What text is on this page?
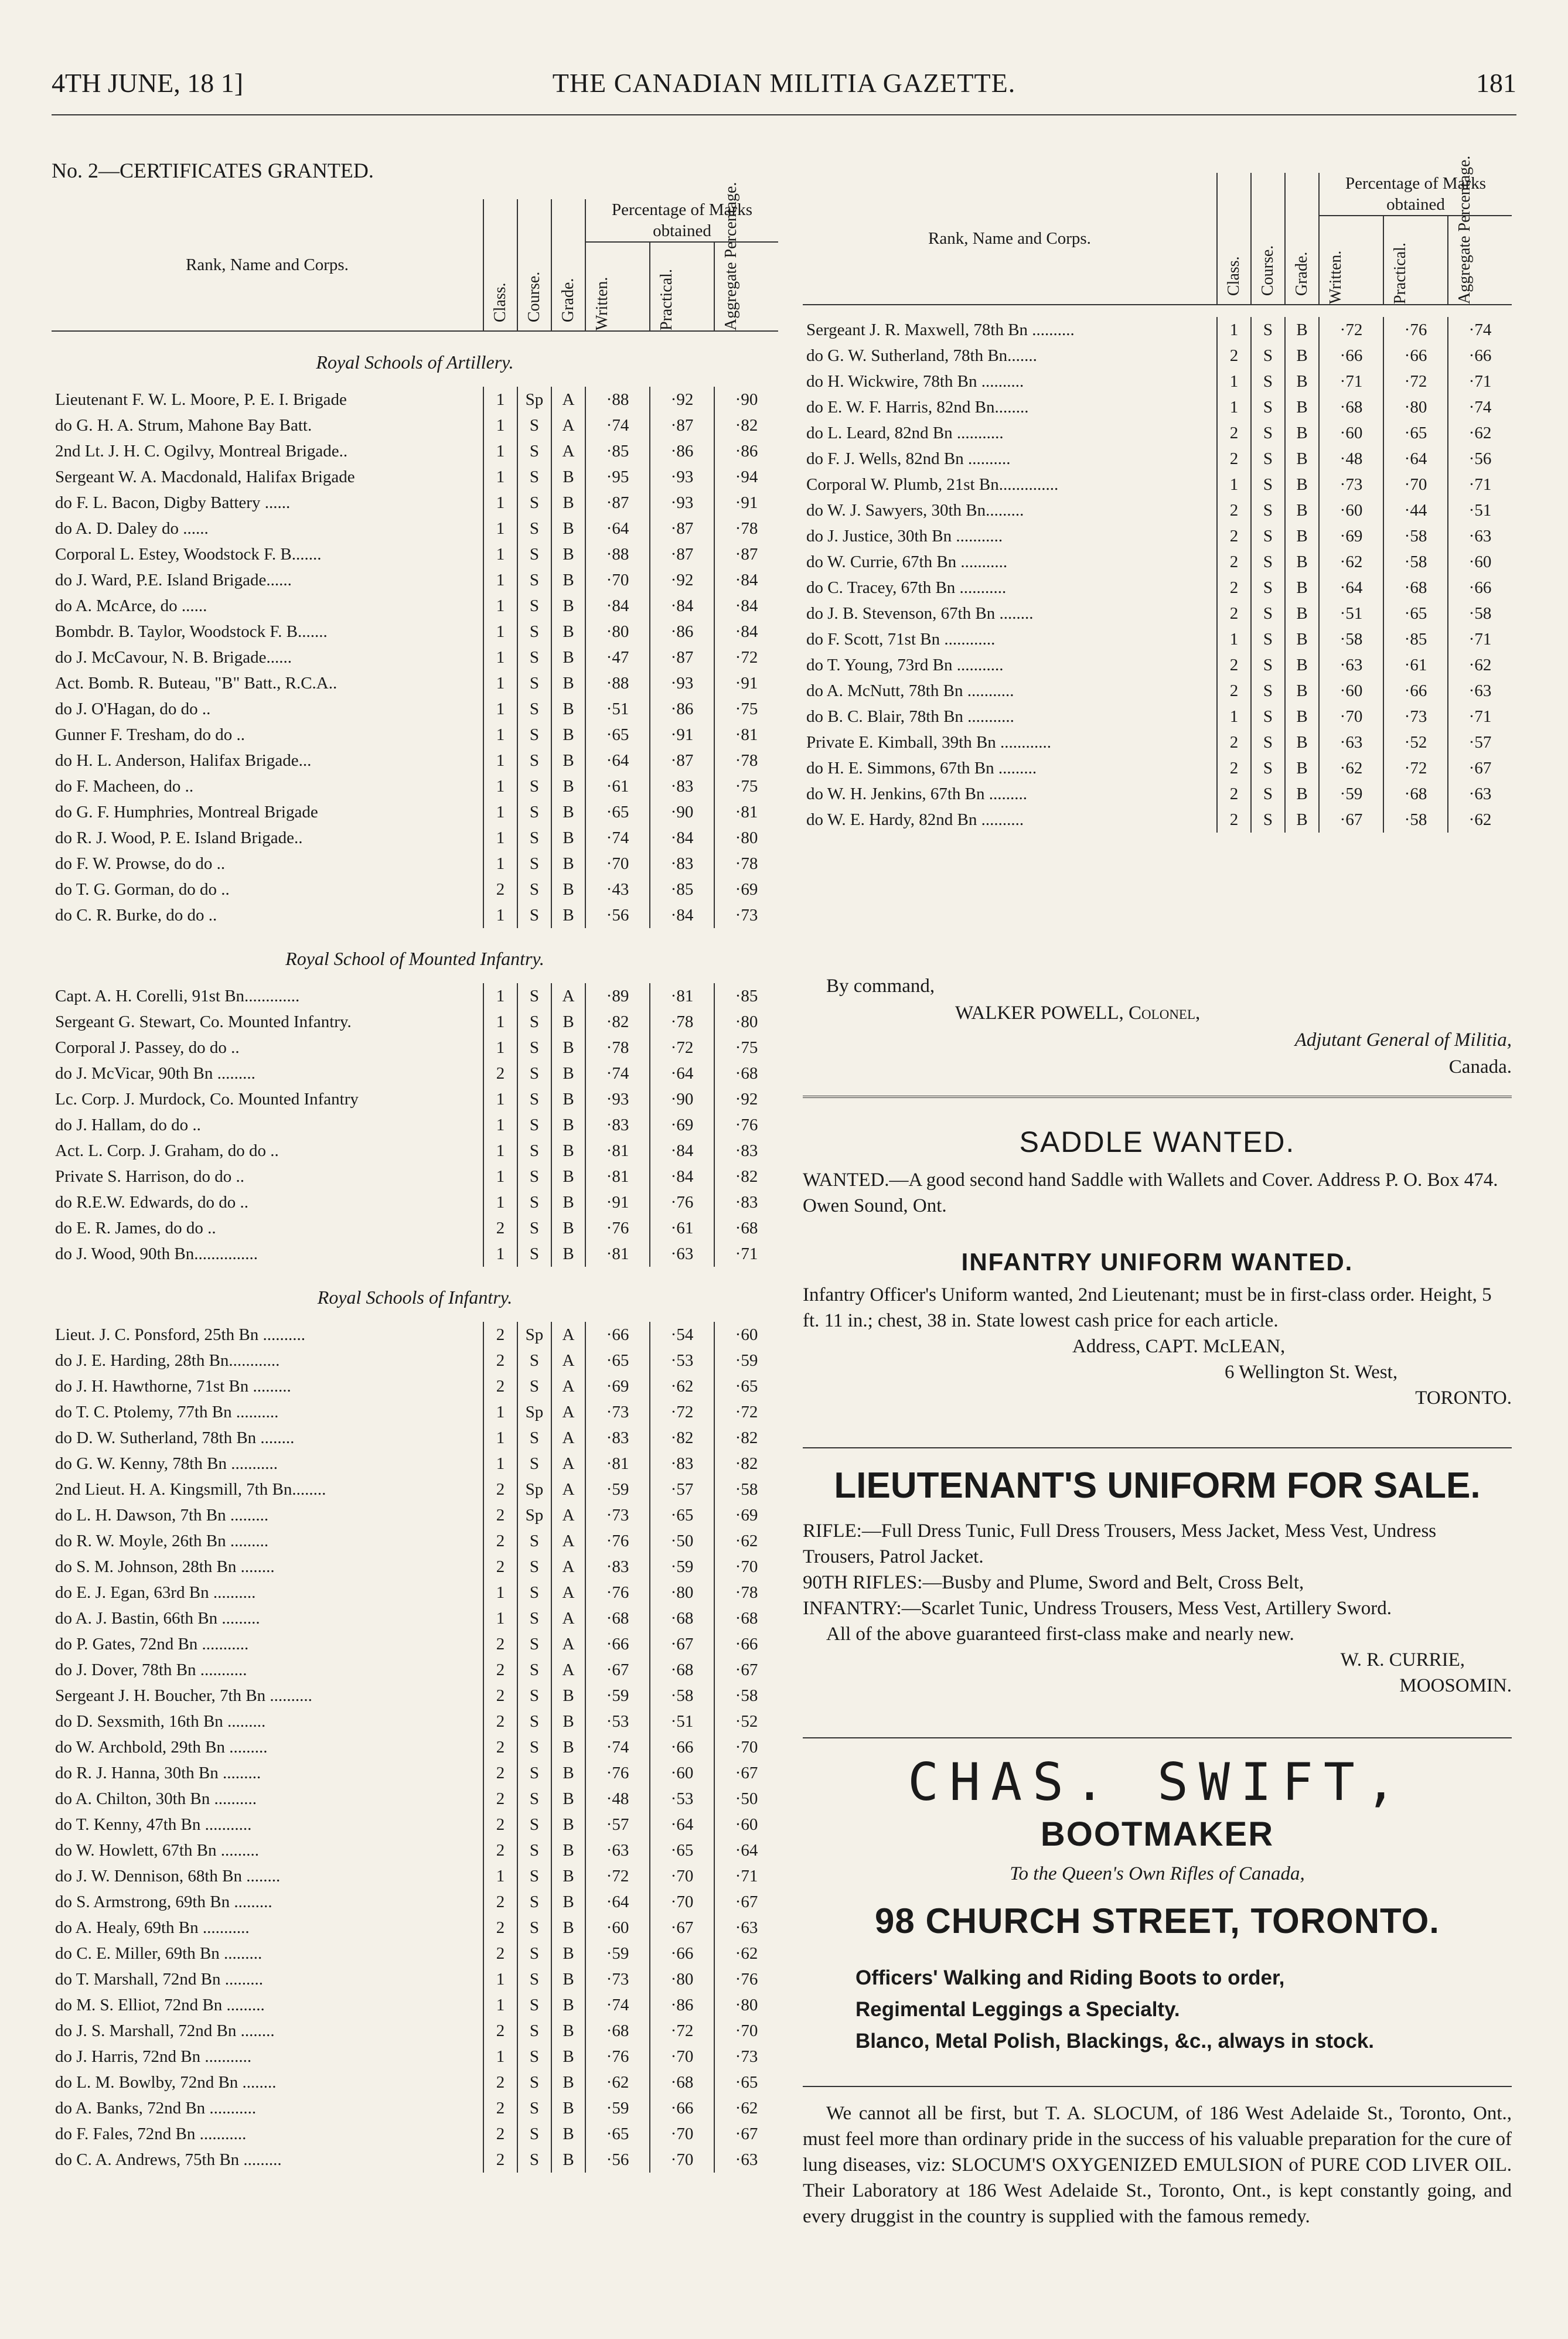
4TH JUNE, 18 1]	THE CANADIAN MILITIA GAZETTE.	181
No. 2—CERTIFICATES GRANTED.
Rank, Name and Corps.	Class.	Course.	Grade.	Percentage of Marks obtained		

				Written.	Practical.	Aggregate Percentage.

Royal Schools of Artillery.						
Lieutenant F. W. L. Moore, P. E. I. Brigade	1	Sp	A	·88	·92	·90
do G. H. A. Strum, Mahone Bay Batt.	1	S	A	·74	·87	·82
2nd Lt. J. H. C. Ogilvy, Montreal Brigade..	1	S	A	·85	·86	·86
Sergeant W. A. Macdonald, Halifax Brigade	1	S	B	·95	·93	·94
do F. L. Bacon, Digby Battery ......	1	S	B	·87	·93	·91
do A. D. Daley do ......	1	S	B	·64	·87	·78
Corporal L. Estey, Woodstock F. B.......	1	S	B	·88	·87	·87
do J. Ward, P.E. Island Brigade......	1	S	B	·70	·92	·84
do A. McArce, do ......	1	S	B	·84	·84	·84
Bombdr. B. Taylor, Woodstock F. B.......	1	S	B	·80	·86	·84
do J. McCavour, N. B. Brigade......	1	S	B	·47	·87	·72
Act. Bomb. R. Buteau, "B" Batt., R.C.A..	1	S	B	·88	·93	·91
do J. O'Hagan, do do ..	1	S	B	·51	·86	·75
Gunner F. Tresham, do do ..	1	S	B	·65	·91	·81
do H. L. Anderson, Halifax Brigade...	1	S	B	·64	·87	·78
do F. Macheen, do ..	1	S	B	·61	·83	·75
do G. F. Humphries, Montreal Brigade	1	S	B	·65	·90	·81
do R. J. Wood, P. E. Island Brigade..	1	S	B	·74	·84	·80
do F. W. Prowse, do do ..	1	S	B	·70	·83	·78
do T. G. Gorman, do do ..	2	S	B	·43	·85	·69
do C. R. Burke, do do ..	1	S	B	·56	·84	·73
Royal School of Mounted Infantry.						
Capt. A. H. Corelli, 91st Bn.............	1	S	A	·89	·81	·85
Sergeant G. Stewart, Co. Mounted Infantry.	1	S	B	·82	·78	·80
Corporal J. Passey, do do ..	1	S	B	·78	·72	·75
do J. McVicar, 90th Bn .........	2	S	B	·74	·64	·68
Lc. Corp. J. Murdock, Co. Mounted Infantry	1	S	B	·93	·90	·92
do J. Hallam, do do ..	1	S	B	·83	·69	·76
Act. L. Corp. J. Graham, do do ..	1	S	B	·81	·84	·83
Private S. Harrison, do do ..	1	S	B	·81	·84	·82
do R.E.W. Edwards, do do ..	1	S	B	·91	·76	·83
do E. R. James, do do ..	2	S	B	·76	·61	·68
do J. Wood, 90th Bn...............	1	S	B	·81	·63	·71
Royal Schools of Infantry.						
Lieut. J. C. Ponsford, 25th Bn ..........	2	Sp	A	·66	·54	·60
do J. E. Harding, 28th Bn............	2	S	A	·65	·53	·59
do J. H. Hawthorne, 71st Bn .........	2	S	A	·69	·62	·65
do T. C. Ptolemy, 77th Bn ..........	1	Sp	A	·73	·72	·72
do D. W. Sutherland, 78th Bn ........	1	S	A	·83	·82	·82
do G. W. Kenny, 78th Bn ...........	1	S	A	·81	·83	·82
2nd Lieut. H. A. Kingsmill, 7th Bn........	2	Sp	A	·59	·57	·58
do L. H. Dawson, 7th Bn .........	2	Sp	A	·73	·65	·69
do R. W. Moyle, 26th Bn .........	2	S	A	·76	·50	·62
do S. M. Johnson, 28th Bn ........	2	S	A	·83	·59	·70
do E. J. Egan, 63rd Bn ..........	1	S	A	·76	·80	·78
do A. J. Bastin, 66th Bn .........	1	S	A	·68	·68	·68
do P. Gates, 72nd Bn ...........	2	S	A	·66	·67	·66
do J. Dover, 78th Bn ...........	2	S	A	·67	·68	·67
Sergeant J. H. Boucher, 7th Bn ..........	2	S	B	·59	·58	·58
do D. Sexsmith, 16th Bn .........	2	S	B	·53	·51	·52
do W. Archbold, 29th Bn .........	2	S	B	·74	·66	·70
do R. J. Hanna, 30th Bn .........	2	S	B	·76	·60	·67
do A. Chilton, 30th Bn ..........	2	S	B	·48	·53	·50
do T. Kenny, 47th Bn ...........	2	S	B	·57	·64	·60
do W. Howlett, 67th Bn .........	2	S	B	·63	·65	·64
do J. W. Dennison, 68th Bn ........	1	S	B	·72	·70	·71
do S. Armstrong, 69th Bn .........	2	S	B	·64	·70	·67
do A. Healy, 69th Bn ...........	2	S	B	·60	·67	·63
do C. E. Miller, 69th Bn .........	2	S	B	·59	·66	·62
do T. Marshall, 72nd Bn .........	1	S	B	·73	·80	·76
do M. S. Elliot, 72nd Bn .........	1	S	B	·74	·86	·80
do J. S. Marshall, 72nd Bn ........	2	S	B	·68	·72	·70
do J. Harris, 72nd Bn ...........	1	S	B	·76	·70	·73
do L. M. Bowlby, 72nd Bn ........	2	S	B	·62	·68	·65
do A. Banks, 72nd Bn ...........	2	S	B	·59	·66	·62
do F. Fales, 72nd Bn ...........	2	S	B	·65	·70	·67
do C. A. Andrews, 75th Bn .........	2	S	B	·56	·70	·63
Rank, Name and Corps.	Class.	Course.	Grade.	Percentage of Marks obtained		

				Written.	Practical.	Aggregate Percentage.

Sergeant J. R. Maxwell, 78th Bn ..........	1	S	B	·72	·76	·74
do G. W. Sutherland, 78th Bn.......	2	S	B	·66	·66	·66
do H. Wickwire, 78th Bn ..........	1	S	B	·71	·72	·71
do E. W. F. Harris, 82nd Bn........	1	S	B	·68	·80	·74
do L. Leard, 82nd Bn ...........	2	S	B	·60	·65	·62
do F. J. Wells, 82nd Bn ..........	2	S	B	·48	·64	·56
Corporal W. Plumb, 21st Bn..............	1	S	B	·73	·70	·71
do W. J. Sawyers, 30th Bn.........	2	S	B	·60	·44	·51
do J. Justice, 30th Bn ...........	2	S	B	·69	·58	·63
do W. Currie, 67th Bn ...........	2	S	B	·62	·58	·60
do C. Tracey, 67th Bn ...........	2	S	B	·64	·68	·66
do J. B. Stevenson, 67th Bn ........	2	S	B	·51	·65	·58
do F. Scott, 71st Bn ............	1	S	B	·58	·85	·71
do T. Young, 73rd Bn ...........	2	S	B	·63	·61	·62
do A. McNutt, 78th Bn ...........	2	S	B	·60	·66	·63
do B. C. Blair, 78th Bn ...........	1	S	B	·70	·73	·71
Private E. Kimball, 39th Bn ............	2	S	B	·63	·52	·57
do H. E. Simmons, 67th Bn .........	2	S	B	·62	·72	·67
do W. H. Jenkins, 67th Bn .........	2	S	B	·59	·68	·63
do W. E. Hardy, 82nd Bn ..........	2	S	B	·67	·58	·62
By command,
WALKER POWELL, Colonel,
Adjutant General of Militia,
Canada.
SADDLE WANTED.

WANTED.—A good second hand Saddle with Wallets and Cover. Address P. O. Box 474. Owen Sound, Ont.

INFANTRY UNIFORM WANTED.

Infantry Officer's Uniform wanted, 2nd Lieutenant; must be in first-class order. Height, 5 ft. 11 in.; chest, 38 in. State lowest cash price for each article.

Address, CAPT. McLEAN,

6 Wellington St. West,

TORONTO.

LIEUTENANT'S UNIFORM FOR SALE.

RIFLE:—Full Dress Tunic, Full Dress Trousers, Mess Jacket, Mess Vest, Undress Trousers, Patrol Jacket.

90TH RIFLES:—Busby and Plume, Sword and Belt, Cross Belt,

INFANTRY:—Scarlet Tunic, Undress Trousers, Mess Vest, Artillery Sword.

All of the above guaranteed first-class make and nearly new.

W. R. CURRIE,

MOOSOMIN.

CHAS. SWIFT,
BOOTMAKER

To the Queen's Own Rifles of Canada,

98 CHURCH STREET, TORONTO.

Officers' Walking and Riding Boots to order,

Regimental Leggings a Specialty.

Blanco, Metal Polish, Blackings, &c., always in stock.

We cannot all be first, but T. A. SLOCUM, of 186 West Adelaide St., Toronto, Ont., must feel more than ordinary pride in the success of his valuable preparation for the cure of lung diseases, viz: SLOCUM'S OXYGENIZED EMULSION of PURE COD LIVER OIL. Their Laboratory at 186 West Adelaide St., Toronto, Ont., is kept constantly going, and every druggist in the country is supplied with the famous remedy.
